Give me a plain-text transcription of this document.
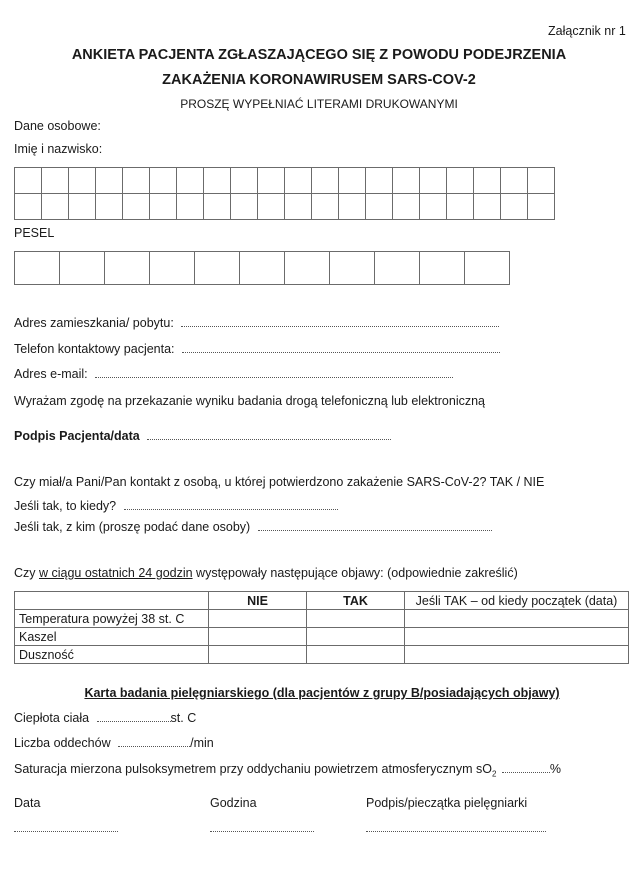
Załącznik nr 1
ANKIETA PACJENTA ZGŁASZAJĄCEGO SIĘ Z POWODU PODEJRZENIA
ZAKAŻENIA KORONAWIRUSEM SARS-COV-2
PROSZĘ WYPEŁNIAĆ LITERAMI DRUKOWANYMI
Dane osobowe:
Imię i nazwisko:

PESEL

Adres zamieszkania/ pobytu:
Telefon kontaktowy pacjenta:
Adres e-mail:
Wyrażam zgodę na przekazanie wyniku badania drogą telefoniczną lub elektroniczną
Podpis Pacjenta/data
Czy miał/a Pani/Pan kontakt z osobą, u której potwierdzono zakażenie SARS-CoV-2? TAK / NIE
Jeśli tak, to kiedy?
Jeśli tak, z kim (proszę podać dane osoby)
Czy w ciągu ostatnich 24 godzin występowały następujące objawy: (odpowiednie zakreślić)
	NIE	TAK	Jeśli TAK – od kiedy początek (data)
Temperatura powyżej 38 st. C			
Kaszel			
Duszność			
Karta badania pielęgniarskiego (dla pacjentów z grupy B/posiadających objawy)
Ciepłota ciała	st. C
Liczba oddechów	/min
Saturacja mierzona pulsoksymetrem przy oddychaniu powietrzem atmosferycznym $sO_2$	%
Data	Godzina	Podpis/pieczątka pielęgniarki
